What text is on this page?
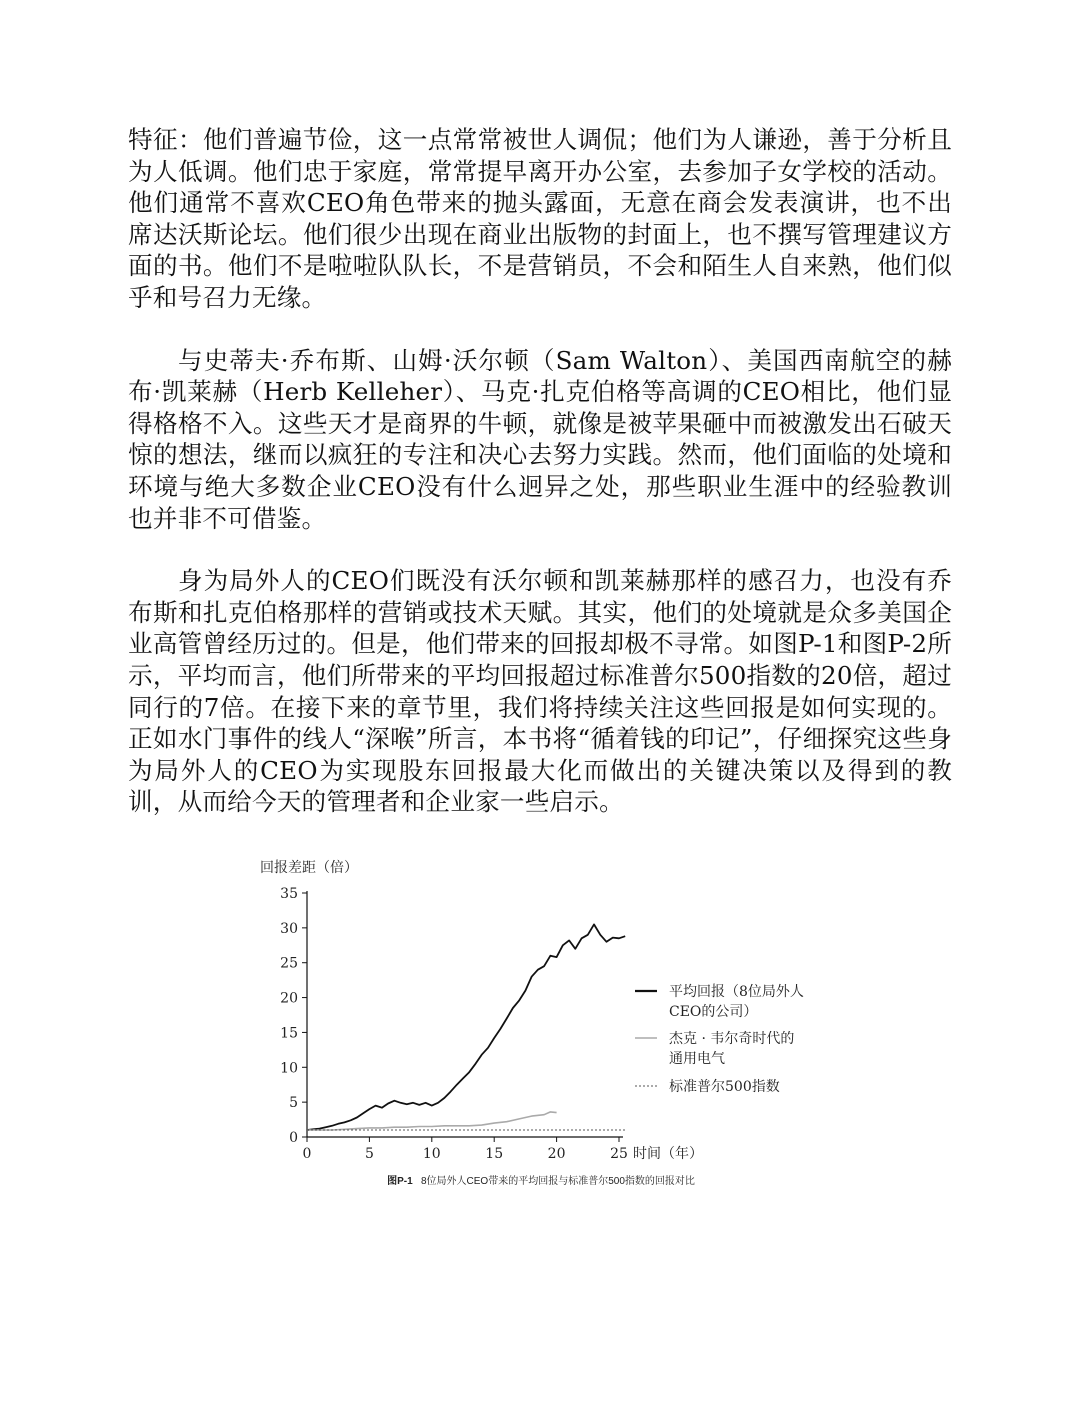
特征：他们普遍节俭，这一点常常被世人调侃；他们为人谦逊，善于分析且为人低调。他们忠于家庭，常常提早离开办公室，去参加子女学校的活动。他们通常不喜欢CEO角色带来的抛头露面，无意在商会发表演讲，也不出席达沃斯论坛。他们很少出现在商业出版物的封面上，也不撰写管理建议方面的书。他们不是啦啦队队长，不是营销员，不会和陌生人自来熟，他们似乎和号召力无缘。

与史蒂夫·乔布斯、山姆·沃尔顿（Sam Walton）、美国西南航空的赫布·凯莱赫（Herb Kelleher）、马克·扎克伯格等高调的CEO相比，他们显得格格不入。这些天才是商界的牛顿，就像是被苹果砸中而被激发出石破天惊的想法，继而以疯狂的专注和决心去努力实践。然而，他们面临的处境和环境与绝大多数企业CEO没有什么迥异之处，那些职业生涯中的经验教训也并非不可借鉴。

身为局外人的CEO们既没有沃尔顿和凯莱赫那样的感召力，也没有乔布斯和扎克伯格那样的营销或技术天赋。其实，他们的处境就是众多美国企业高管曾经历过的。但是，他们带来的回报却极不寻常。如图P-1和图P-2所示，平均而言，他们所带来的平均回报超过标准普尔500指数的20倍，超过同行的7倍。在接下来的章节里，我们将持续关注这些回报是如何实现的。正如水门事件的线人“深喉”所言，本书将“循着钱的印记”，仔细探究这些身为局外人的CEO为实现股东回报最大化而做出的关键决策以及得到的教训，从而给今天的管理者和企业家一些启示。

回报差距（倍）
0
5
10
15
20
25
30
35
0	5	10	15	20	25 时间（年）
平均回报（8位局外人
CEO的公司）
杰克 · 韦尔奇时代的
通用电气
标准普尔500指数
图P-1 8位局外人CEO带来的平均回报与标准普尔500指数的回报对比
